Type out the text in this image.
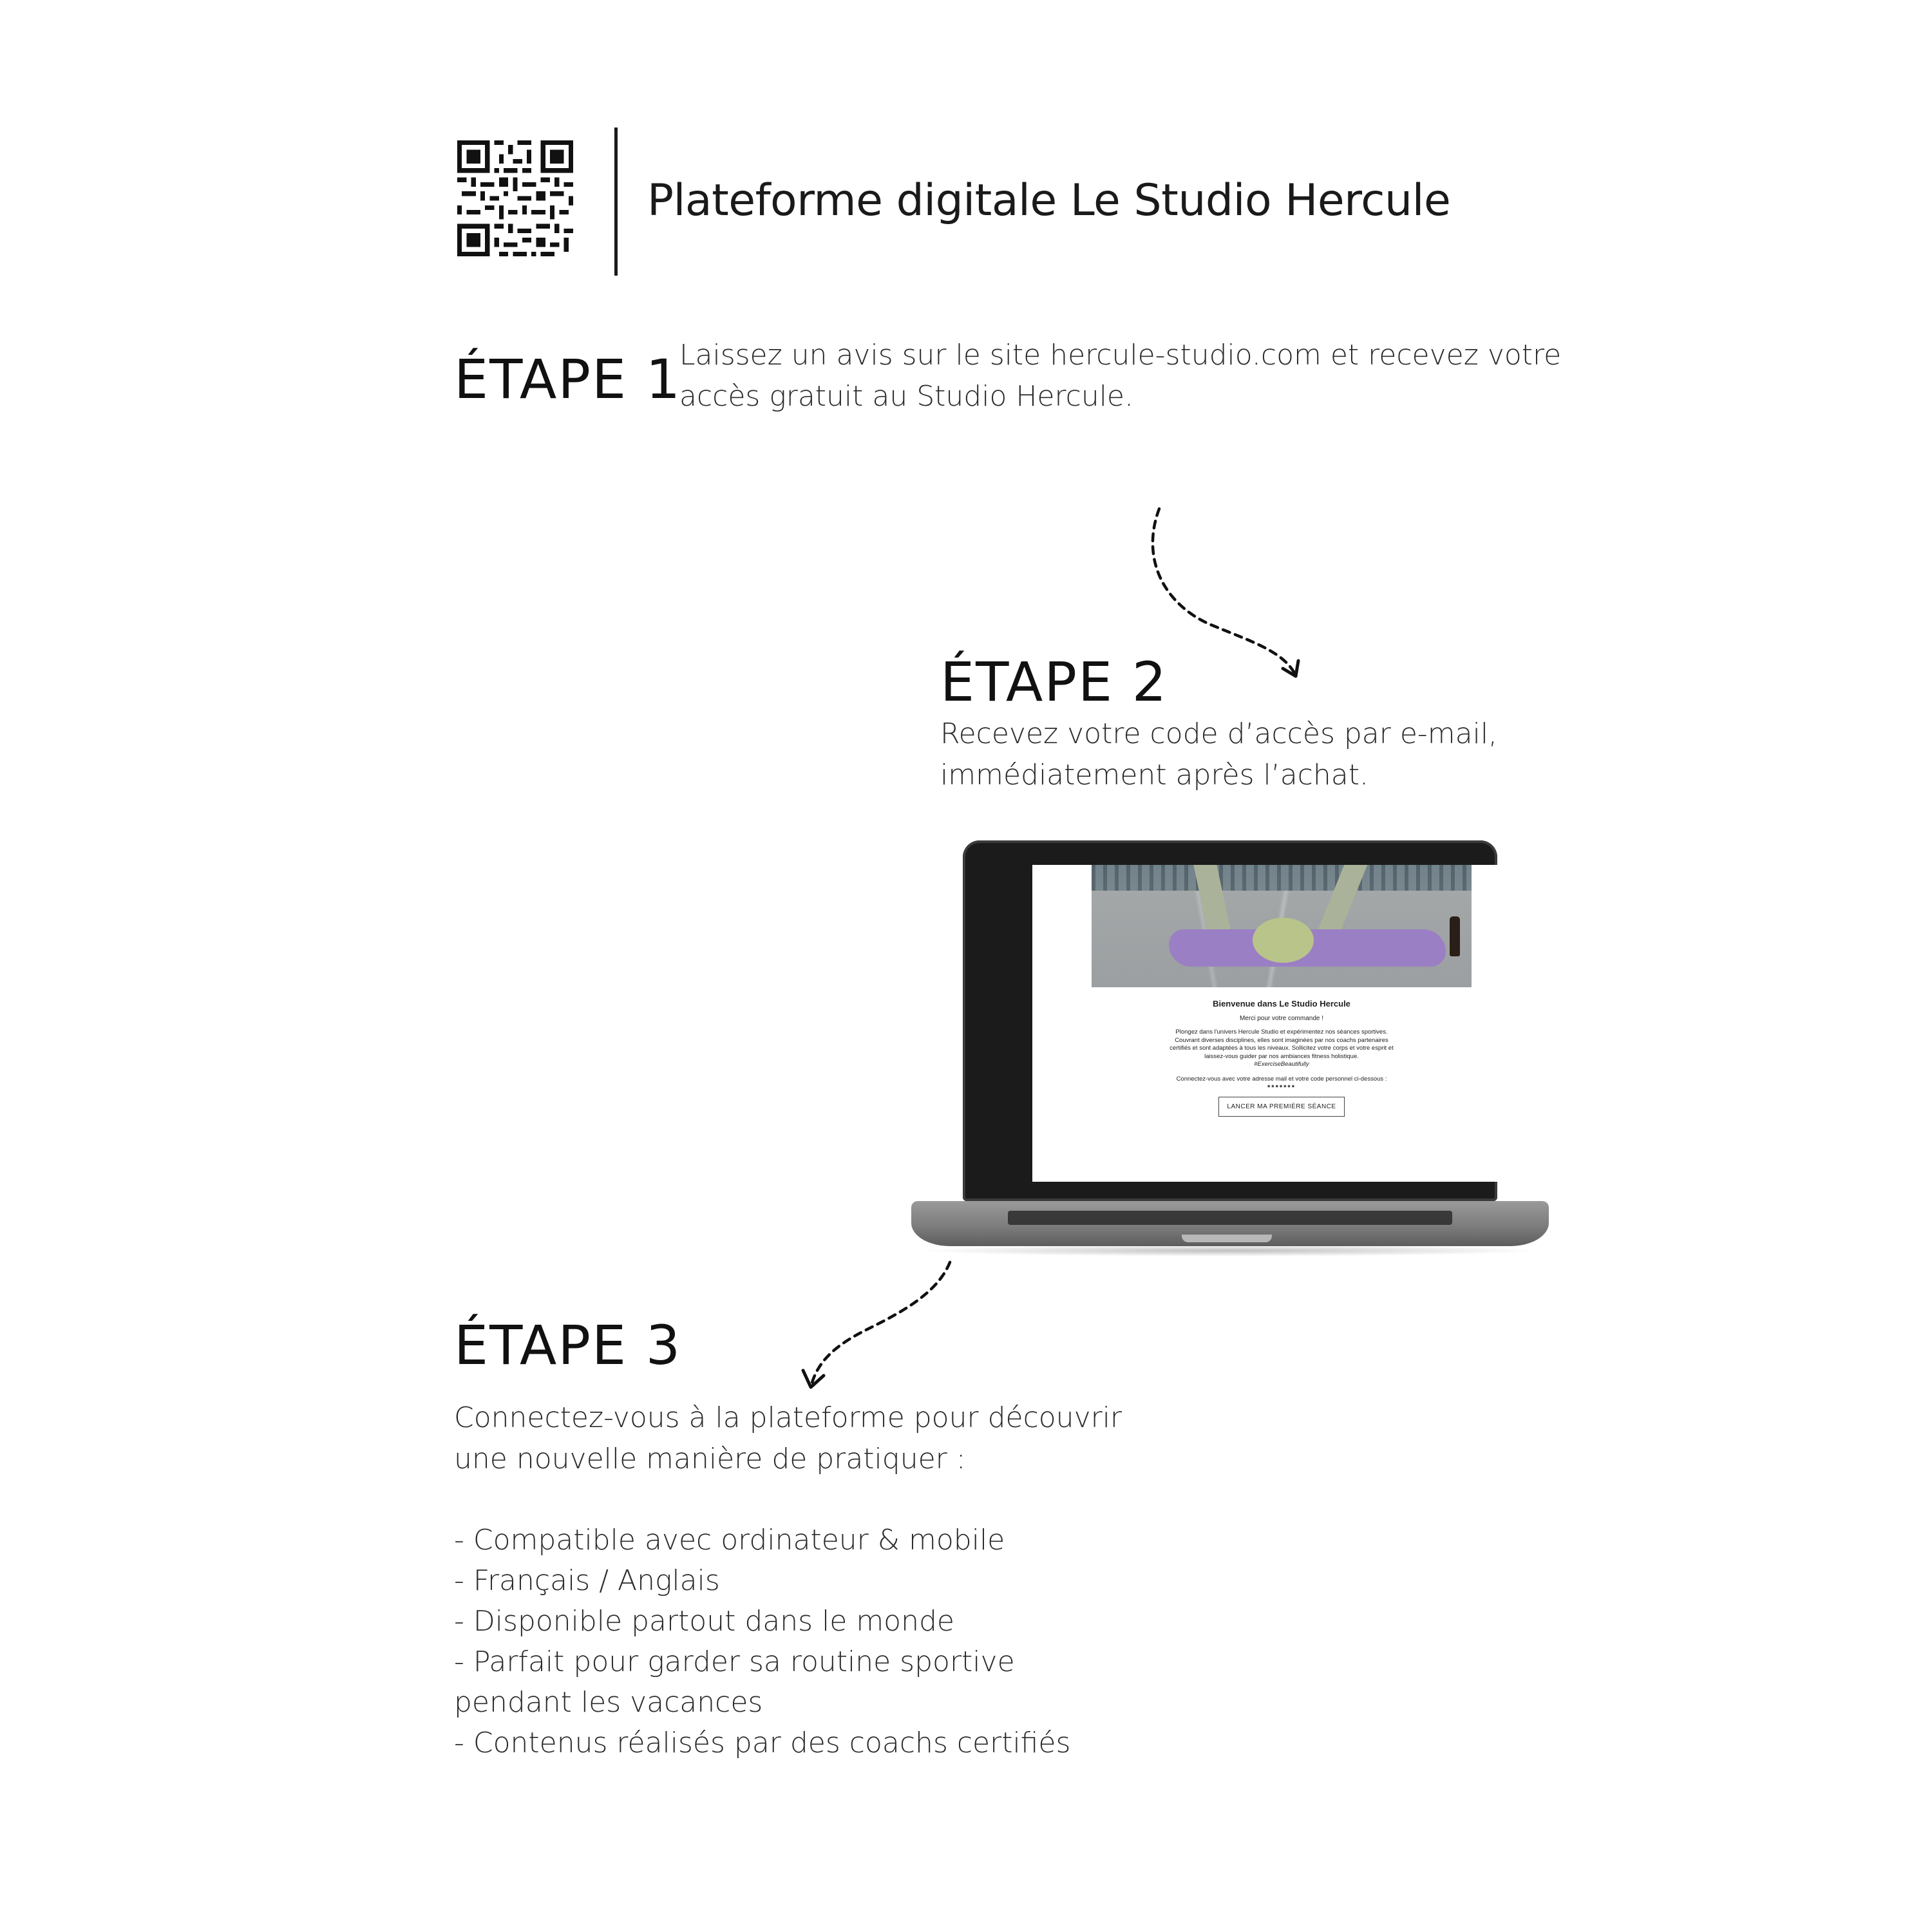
Plateforme digitale Le Studio Hercule
ÉTAPE 1

Laissez un avis sur le site hercule-studio.com et recevez votre

accès gratuit au Studio Hercule.

ÉTAPE 2

Recevez votre code d’accès par e-mail,

immédiatement après l’achat.

Bienvenue dans Le Studio Hercule

Merci pour votre commande !

Plongez dans l'univers Hercule Studio et expérimentez nos séances sportives.
Couvrant diverses disciplines, elles sont imaginées par nos coachs partenaires
certifiés et sont adaptées à tous les niveaux. Sollicitez votre corps et votre esprit et
laissez-vous guider par nos ambiances fitness holistique.
#ExerciseBeautifully

Connectez-vous avec votre adresse mail et votre code personnel ci-dessous :

*******

LANCER MA PREMIÈRE SÉANCE
ÉTAPE 3

Connectez-vous à la plateforme pour découvrir

une nouvelle manière de pratiquer :

- Compatible avec ordinateur & mobile
- Français / Anglais
- Disponible partout dans le monde
- Parfait pour garder sa routine sportive
pendant les vacances
- Contenus réalisés par des coachs certifiés
